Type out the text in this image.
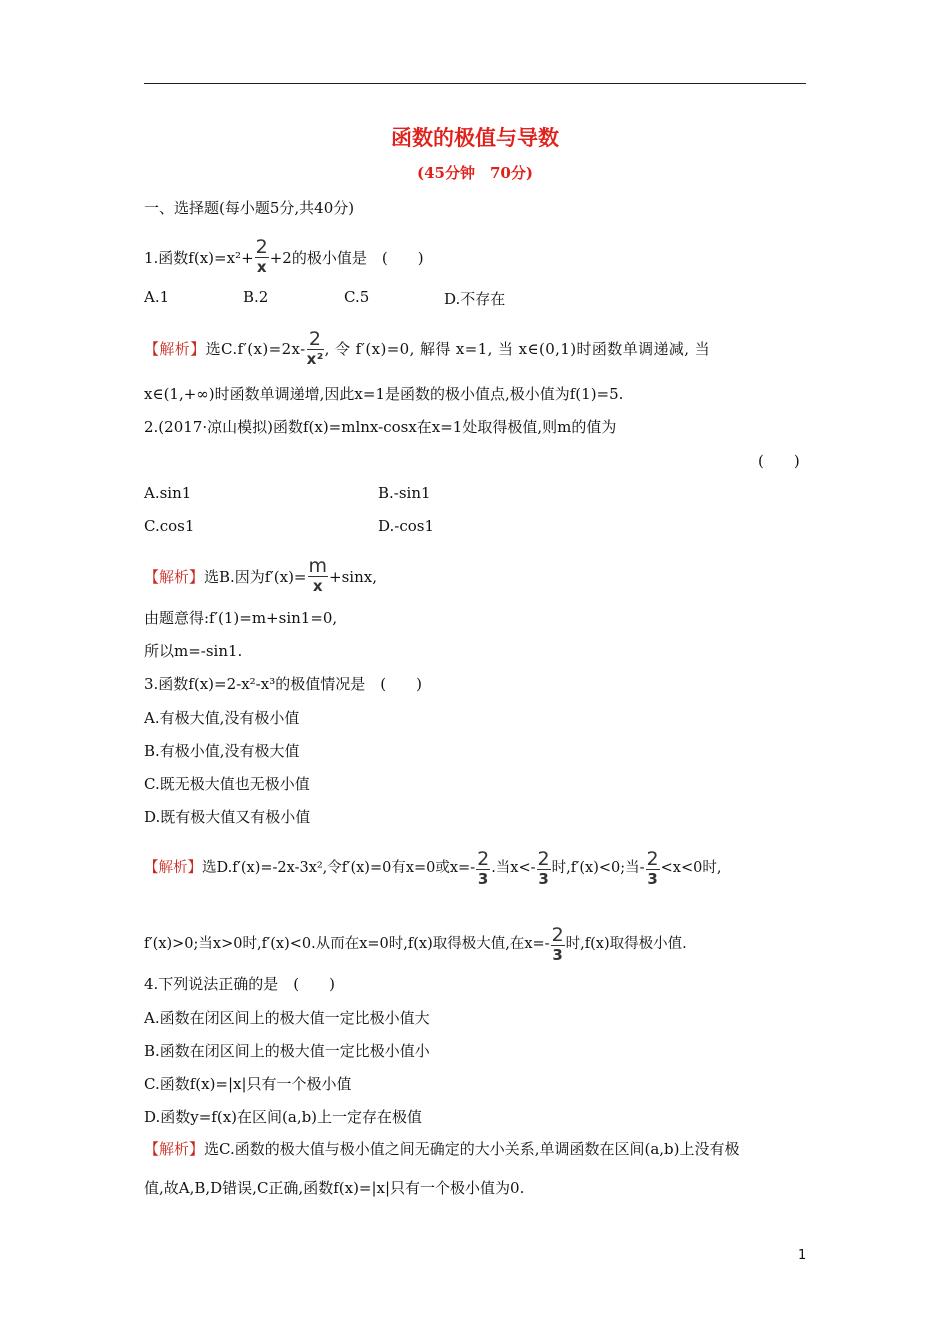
函数的极值与导数
(45分钟　70分)
一、选择题(每小题5分,共40分)
1.函数$f(x)=x^2+ \frac{2}{x} +2$的极小值是　(　　)
A.1	B.2	C.5	D.不存在
【解析】选$C.f'(x)=2x- \frac{2}{\text{x²}}$ , 令 f′(x)=0, 解得 x=1, 当 x∈(0,1)时函数单调递减, 当
x∈(1,+∞)时函数单调递增,因此x=1是函数的极小值点,极小值为f(1)=5.
2.(2017·凉山模拟)函数f(x)=mlnx-cosx在x=1处取得极值,则m的值为
(　　)
A.sin1	B.-sin1
C.cos1	D.-cos1
【解析】选B.因为$f'(x)= \frac{m}{x} +\sin x$,
由题意得:f′(1)=m+sin1=0,
所以m=-sin1.
3.函数f(x)=2-x²-x³的极值情况是　(　　)
A.有极大值,没有极小值
B.有极小值,没有极大值
C.既无极大值也无极小值
D.既有极大值又有极小值
【解析】选D.f′(x)=-2x-3x²,令f′(x)=0有x=0或$x=- \frac{2}{3}$ .当$x<- \frac{2}{3}$ 时,f′(x)<0;当- $\frac{2}{3} <x<0$时,
f′(x)>0;当x>0时,f′(x)<0.从而在x=0时,f(x)取得极大值,在$x=- \frac{2}{3}$ 时,f(x)取得极小值.
4.下列说法正确的是　(　　)
A.函数在闭区间上的极大值一定比极小值大
B.函数在闭区间上的极大值一定比极小值小
C.函数f(x)=|x|只有一个极小值
D.函数y=f(x)在区间(a,b)上一定存在极值
【解析】选C.函数的极大值与极小值之间无确定的大小关系,单调函数在区间(a,b)上没有极
值,故A,B,D错误,C正确,函数f(x)=|x|只有一个极小值为0.
1
